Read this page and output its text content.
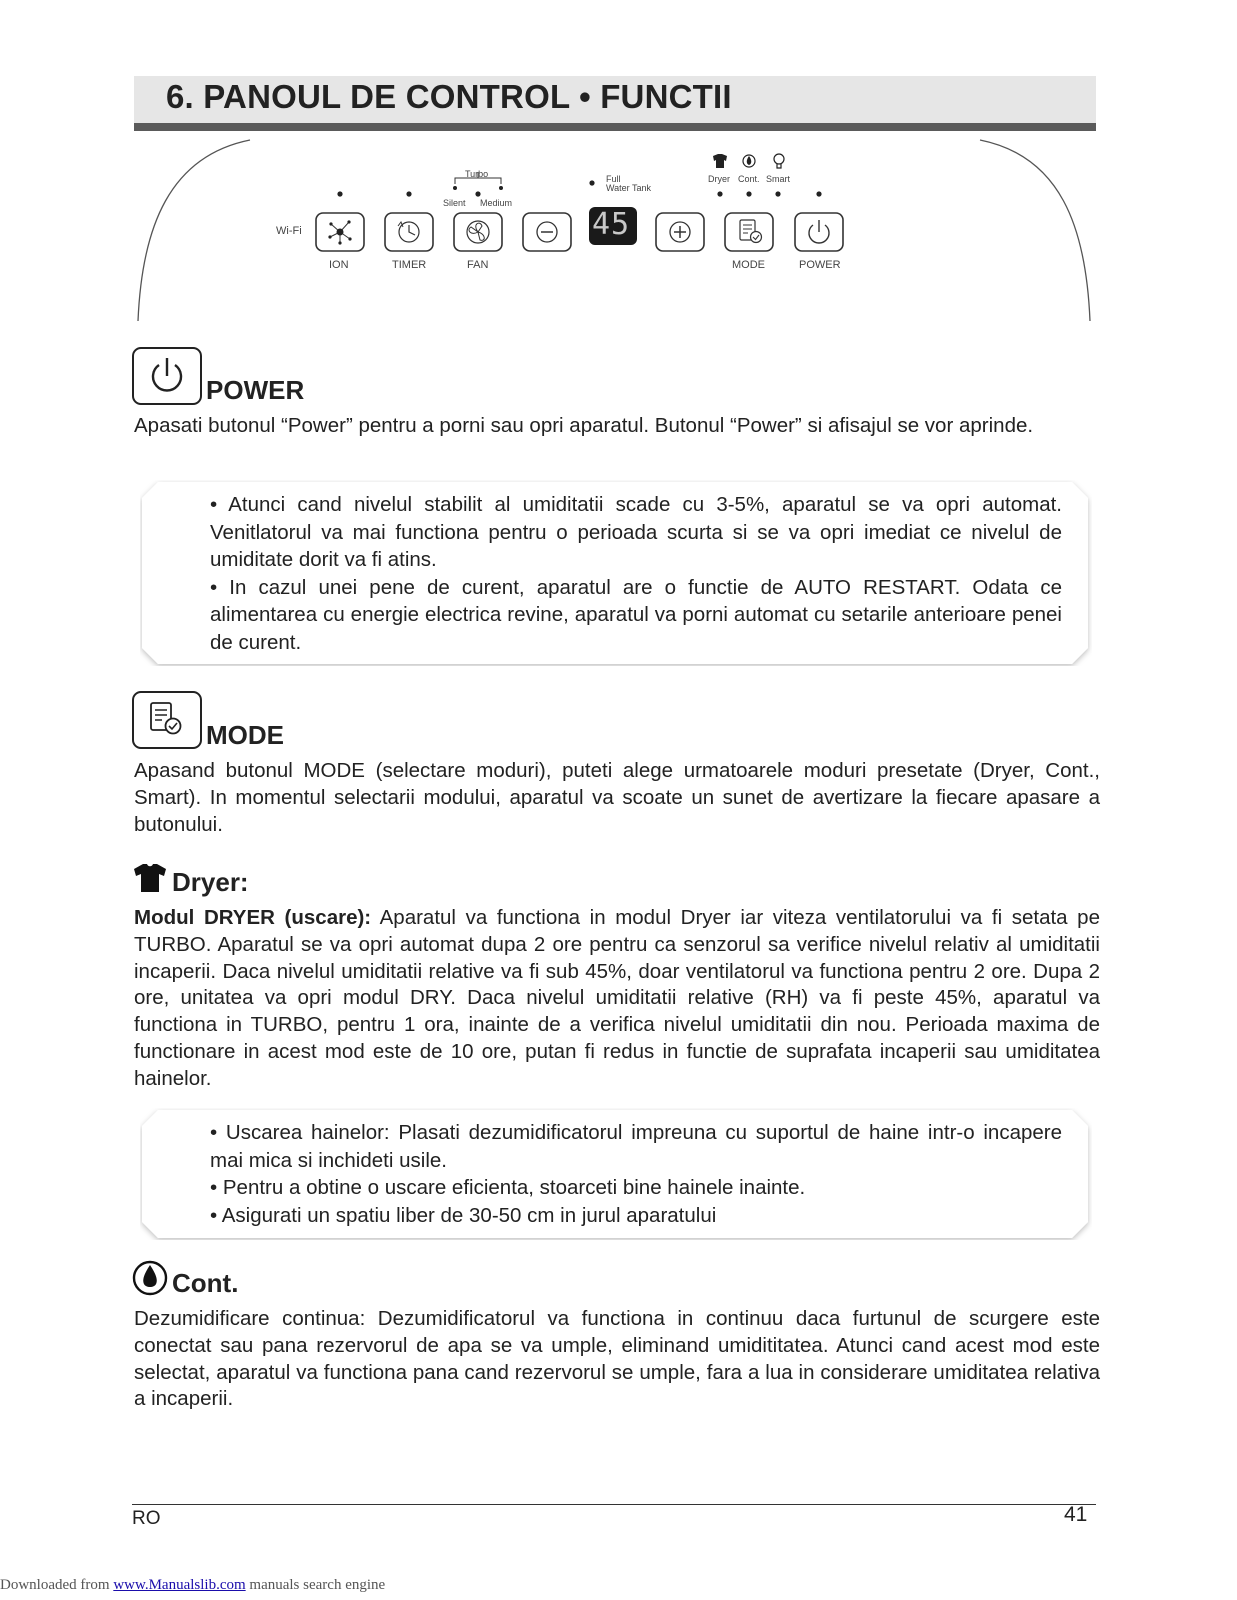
6. PANOUL DE CONTROL • FUNCTII
Wi-Fi
ION	TIMER	FAN
Turbo
Silent Medium
Full
Water Tank
45
Dryer Cont. Smart
MODE	POWER
POWER
Apasati butonul “Power” pentru a porni sau opri aparatul. Butonul “Power” si afisajul se vor aprinde.

• Atunci cand nivelul stabilit al umiditatii scade cu 3-5%, aparatul se va opri automat. Venitlatorul va mai functiona pentru o perioada scurta si se va opri imediat ce nivelul de umiditate dorit va fi atins.

• In cazul unei pene de curent, aparatul are o functie de AUTO RESTART. Odata ce alimentarea cu energie electrica revine, aparatul va porni automat cu setarile anterioare penei de curent.

MODE
Apasand butonul MODE (selectare moduri), puteti alege urmatoarele moduri presetate (Dryer, Cont., Smart). In momentul selectarii modului, aparatul va scoate un sunet de avertizare la fiecare apasare a butonului.
Dryer:
Modul DRYER (uscare): Aparatul va functiona in modul Dryer iar viteza ventilatorului va fi setata pe TURBO. Aparatul se va opri automat dupa 2 ore pentru ca senzorul sa verifice nivelul relativ al umiditatii incaperii. Daca nivelul umiditatii relative va fi sub 45%, doar ventilatorul va functiona pentru 2 ore. Dupa 2 ore, unitatea va opri modul DRY. Daca nivelul umiditatii relative (RH) va fi peste 45%, aparatul va functiona in TURBO, pentru 1 ora, inainte de a verifica nivelul umiditatii din nou. Perioada maxima de functionare in acest mod este de 10 ore, putan fi redus in functie de suprafata incaperii sau umiditatea hainelor.

• Uscarea hainelor: Plasati dezumidificatorul impreuna cu suportul de haine intr-o incapere mai mica si inchideti usile.

• Pentru a obtine o uscare eficienta, stoarceti bine hainele inainte.

• Asigurati un spatiu liber de 30-50 cm in jurul aparatului

Cont.
Dezumidificare continua: Dezumidificatorul va functiona in continuu daca furtunul de scurgere este conectat sau pana rezervorul de apa se va umple, eliminand umidititatea. Atunci cand acest mod este selectat, aparatul va functiona pana cand rezervorul se umple, fara a lua in considerare umiditatea relativa a incaperii.
RO	41
Downloaded from www.Manualslib.com manuals search engine
